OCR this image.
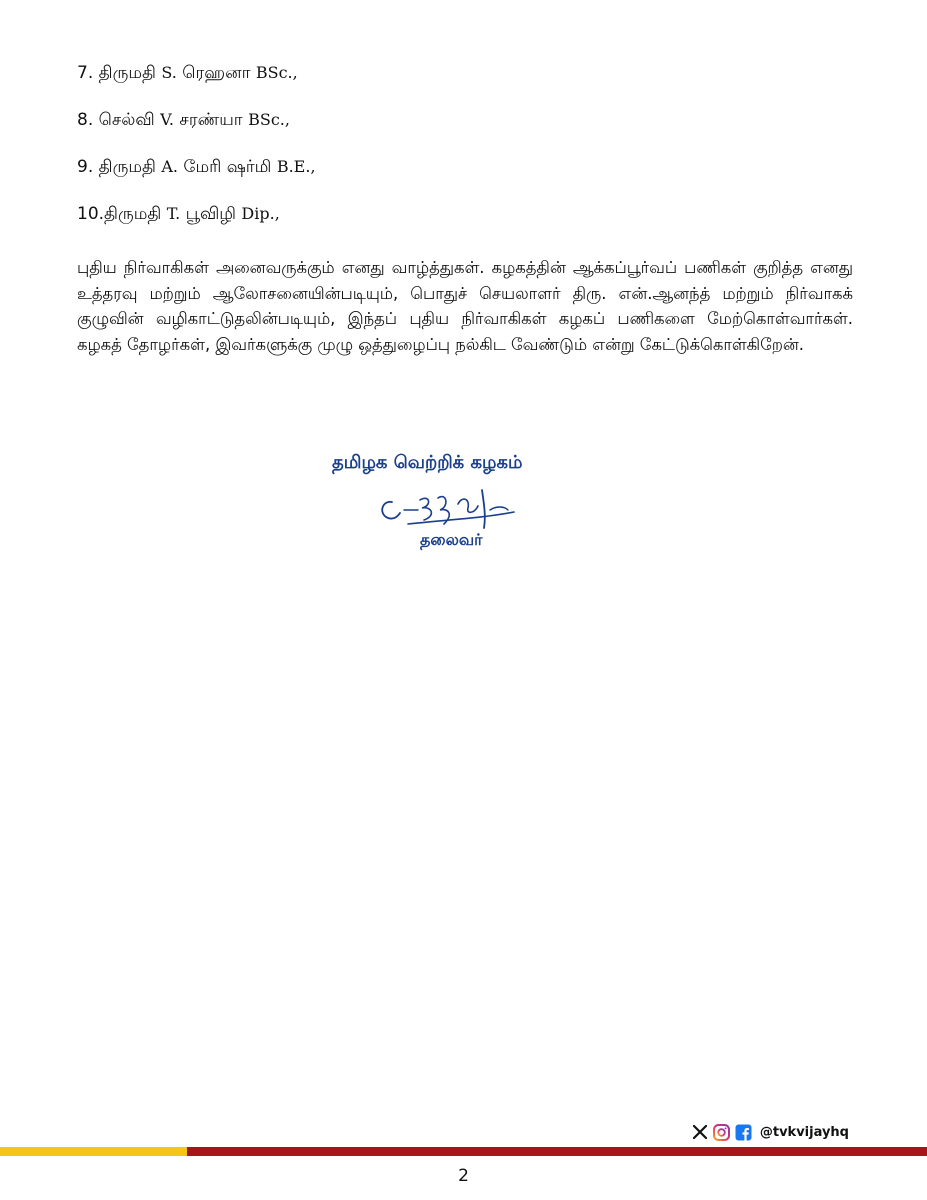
7. திருமதி S. ரெஹனா BSc.,
8. செல்வி V. சரண்யா BSc.,
9. திருமதி A. மேரி ஷர்மி B.E.,
10.திருமதி T. பூவிழி Dip.,

புதிய நிர்வாகிகள் அனைவருக்கும் எனது வாழ்த்துகள். கழகத்தின் ஆக்கப்பூர்வப் பணிகள் குறித்த எனது உத்தரவு மற்றும் ஆலோசனையின்படியும், பொதுச் செயலாளர் திரு. என்.ஆனந்த் மற்றும் நிர்வாகக் குழுவின் வழிகாட்டுதலின்படியும், இந்தப் புதிய நிர்வாகிகள் கழகப் பணிகளை மேற்கொள்வார்கள். கழகத் தோழர்கள், இவர்களுக்கு முழு ஒத்துழைப்பு நல்கிட வேண்டும் என்று கேட்டுக்கொள்கிறேன்.

தமிழக வெற்றிக் கழகம்
தலைவர்
@tvkvijayhq
2
